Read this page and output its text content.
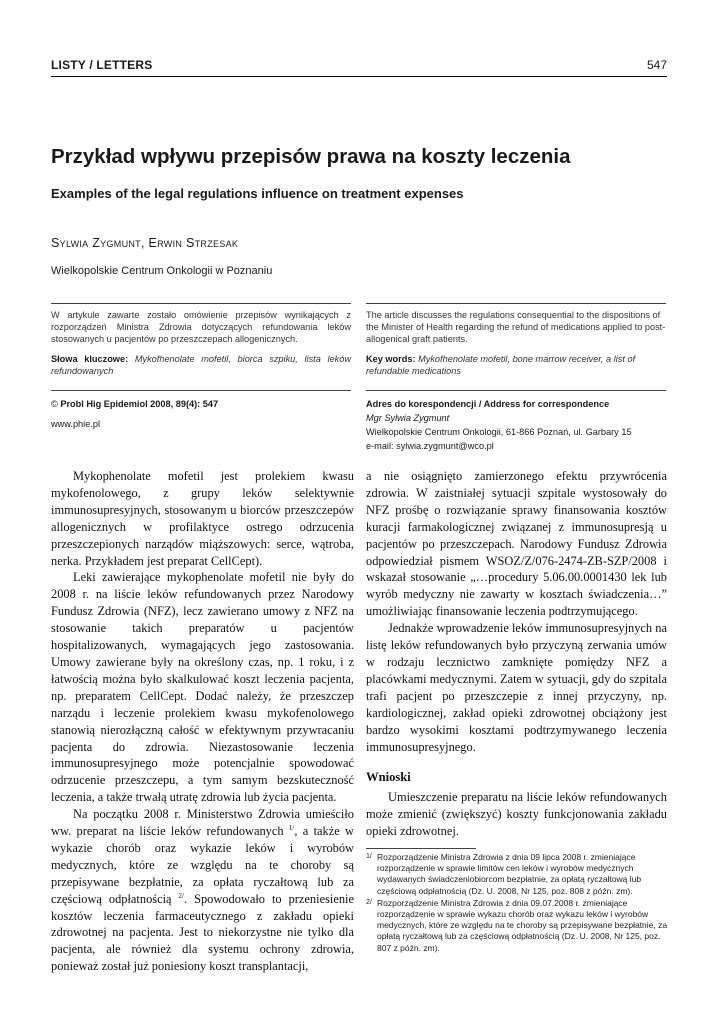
LISTY / LETTERS	547
Przykład wpływu przepisów prawa na koszty leczenia
Examples of the legal regulations influence on treatment expenses
Sylwia Zygmunt, Erwin Strzesak
Wielkopolskie Centrum Onkologii w Poznaniu

W artykule zawarte zostało omówienie przepisów wynikających z rozporządzeń Ministra Zdrowia dotyczących refundowania leków stosowanych u pacjentów po przeszczepach allogenicznych.

Słowa kluczowe: Mykofhenolate mofetil, biorca szpiku, lista leków refundowanych

The article discusses the regulations consequential to the dispositions of the Minister of Health regarding the refund of medications applied to post-allogenical graft patients.

Key words: Mykofhenolate mofetil, bone marrow receiver, a list of refundable medications

© Probl Hig Epidemiol 2008, 89(4): 547
www.phie.pl
Adres do korespondencji / Address for correspondence
Mgr Sylwia Zygmunt
Wielkopolskie Centrum Onkologii, 61-866 Poznań, ul. Garbary 15
e-mail: sylwia.zygmunt@wco.pl

Mykophenolate mofetil jest prolekiem kwasu mykofenolowego, z grupy leków selektywnie immunosupresyjnych, stosowanym u biorców przeszczepów allogenicznych w profilaktyce ostrego odrzucenia przeszczepionych narządów miąższowych: serce, wątroba, nerka. Przykładem jest preparat CellCept).

Leki zawierające mykophenolate mofetil nie były do 2008 r. na liście leków refundowanych przez Narodowy Fundusz Zdrowia (NFZ), lecz zawierano umowy z NFZ na stosowanie takich preparatów u pacjentów hospitalizowanych, wymagających jego zastosowania. Umowy zawierane były na określony czas, np. 1 roku, i z łatwością można było skalkulować koszt leczenia pacjenta, np. preparatem CellCept. Dodać należy, że przeszczep narządu i leczenie prolekiem kwasu mykofenolowego stanowią nierozłączną całość w efektywnym przywracaniu pacjenta do zdrowia. Niezastosowanie leczenia immunosupresyjnego może potencjalnie spowodować odrzucenie przeszczepu, a tym samym bezskuteczność leczenia, a także trwałą utratę zdrowia lub życia pacjenta.

Na początku 2008 r. Ministerstwo Zdrowia umieściło ww. preparat na liście leków refundowanych $^{1/}$, a także w wykazie chorób oraz wykazie leków i wyrobów medycznych, które ze względu na te choroby są przepisywane bezpłatnie, za opłata ryczałtową lub za częściową odpłatnością $^{2/}$. Spowodowało to przeniesienie kosztów leczenia farmaceutycznego z zakładu opieki zdrowotnej na pacjenta. Jest to niekorzystne nie tylko dla pacjenta, ale również dla systemu ochrony zdrowia, ponieważ został już poniesiony koszt transplantacji,

a nie osiągnięto zamierzonego efektu przywrócenia zdrowia. W zaistniałej sytuacji szpitale wystosowały do NFZ prośbę o rozwiązanie sprawy finansowania kosztów kuracji farmakologicznej związanej z immunosupresją u pacjentów po przeszczepach. Narodowy Fundusz Zdrowia odpowiedział pismem WSOZ/Z/076-2474-ZB-SZP/2008 i wskazał stosowanie „…procedury 5.06.00.0001430 lek lub wyrób medyczny nie zawarty w kosztach świadczenia…” umożliwiając finansowanie leczenia podtrzymującego.

Jednakże wprowadzenie leków immunosupresyjnych na listę leków refundowanych było przyczyną zerwania umów w rodzaju lecznictwo zamknięte pomiędzy NFZ a placówkami medycznymi. Zatem w sytuacji, gdy do szpitala trafi pacjent po przeszczepie z innej przyczyny, np. kardiologicznej, zakład opieki zdrowotnej obciążony jest bardzo wysokimi kosztami podtrzymywanego leczenia immunosupresyjnego.

Wnioski

Umieszczenie preparatu na liście leków refundowanych może zmienić (zwiększyć) koszty funkcjonowania zakładu opieki zdrowotnej.

1/ Rozporządzenie Ministra Zdrowia z dnia 09 lipca 2008 r. zmieniające rozporządzenie w sprawie limitów cen leków i wyrobów medycznych wydawanych świadczeniobiorcom bezpłatnie, za opłatą ryczałtową lub częściową odpłatnością (Dz. U. 2008, Nr 125, poz. 808 z późn. zm).
2/ Rozporządzenie Ministra Zdrowia z dnia 09.07.2008 r. zmieniające rozporządzenie w sprawie wykazu chorób oraz wykazu leków i wyrobów medycznych, które ze względu na te choroby są przepisywane bezpłatnie, za opłatą ryczałtową lub za częściową odpłatnością (Dz. U. 2008, Nr 125, poz. 807 z późn. zm).
